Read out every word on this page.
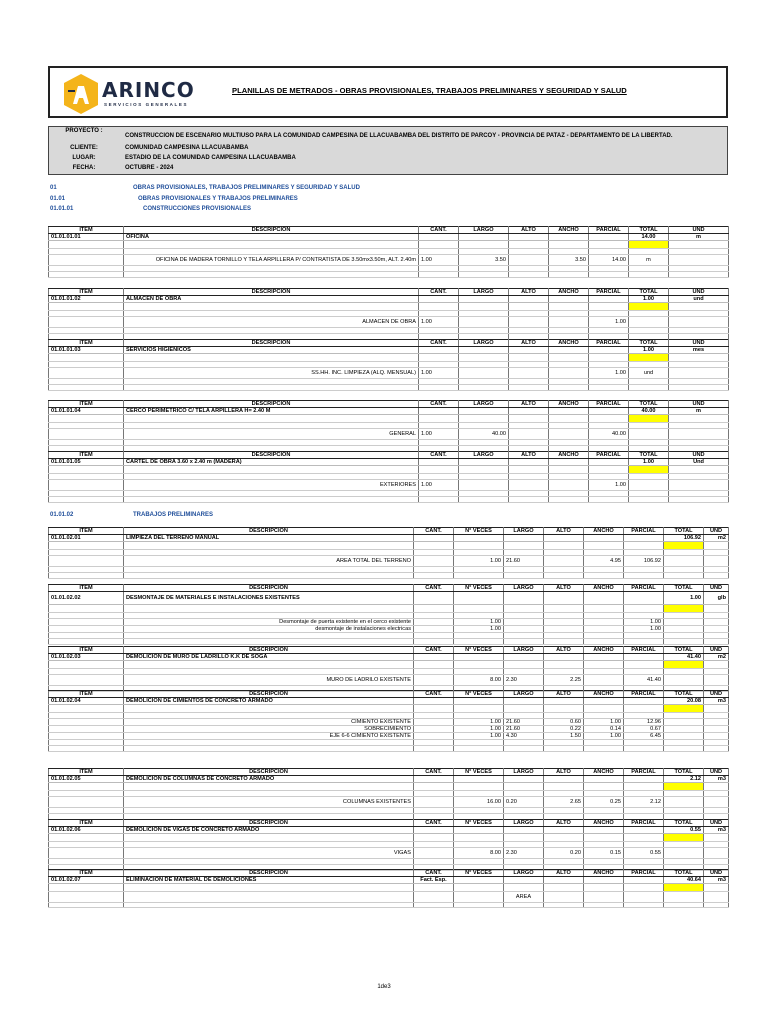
ARINCO
SERVICIOS GENERALES
PLANILLAS DE METRADOS - OBRAS PROVISIONALES, TRABAJOS PRELIMINARES Y SEGURIDAD Y SALUD
PROYECTO :
CONSTRUCCION DE ESCENARIO MULTIUSO PARA LA COMUNIDAD CAMPESINA DE LLACUABAMBA DEL DISTRITO DE PARCOY - PROVINCIA DE PATAZ - DEPARTAMENTO DE LA LIBERTAD.
CLIENTE:	COMUNIDAD CAMPESINA LLACUABAMBA
LUGAR:	ESTADIO DE LA COMUNIDAD CAMPESINA LLACUABAMBA
FECHA:	OCTUBRE - 2024
01	OBRAS PROVISIONALES, TRABAJOS PRELIMINARES Y SEGURIDAD Y SALUD
01.01	OBRAS PROVISIONALES Y TRABAJOS PRELIMINARES
01.01.01	CONSTRUCCIONES PROVISIONALES
ITEM	DESCRIPCION	CANT.	LARGO	ALTO	ANCHO	PARCIAL	TOTAL	UND
01.01.01.01	OFICINA						14.00	m

	OFICINA DE MADERA TORNILLO Y TELA ARPILLERA P/ CONTRATISTA DE 3.50mx3.50m, ALT. 2.40m	1.00	3.50		3.50	14.00	m	

ITEM	DESCRIPCION	CANT.	LARGO	ALTO	ANCHO	PARCIAL	TOTAL	UND
01.01.01.02	ALMACEN DE OBRA						1.00	und

	ALMACEN DE OBRA	1.00				1.00		

ITEM	DESCRIPCION	CANT.	LARGO	ALTO	ANCHO	PARCIAL	TOTAL	UND
01.01.01.03	SERVICIOS HIGIENICOS						1.00	mes

	SS.HH. INC. LIMPIEZA (ALQ. MENSUAL)	1.00				1.00	und	

ITEM	DESCRIPCION	CANT.	LARGO	ALTO	ANCHO	PARCIAL	TOTAL	UND
01.01.01.04	CERCO PERIMETRICO C/ TELA ARPILLERA H= 2.40 M						40.00	m

	GENERAL	1.00	40.00			40.00		

ITEM	DESCRIPCION	CANT.	LARGO	ALTO	ANCHO	PARCIAL	TOTAL	UND
01.01.01.05	CARTEL DE OBRA 3.60 x 2.40 m (MADERA)						1.00	Und

	EXTERIORES	1.00				1.00		

01.01.02	TRABAJOS PRELIMINARES
ITEM	DESCRIPCION	CANT.	N° VECES	LARGO	ALTO	ANCHO	PARCIAL	TOTAL	UND
01.01.02.01	LIMPIEZA DEL TERRENO MANUAL							106.92	m2

	AREA TOTAL DEL TERRENO		1.00	21.60		4.95	106.92		

ITEM	DESCRIPCION	CANT.	N° VECES	LARGO	ALTO	ANCHO	PARCIAL	TOTAL	UND
01.01.02.02	DESMONTAJE DE MATERIALES E INSTALACIONES EXISTENTES							1.00	glb

	Desmontaje de puerta existente en el cerco existente		1.00				1.00		
	desmontaje de instalaciones electricas		1.00				1.00		

ITEM	DESCRIPCION	CANT.	N° VECES	LARGO	ALTO	ANCHO	PARCIAL	TOTAL	UND
01.01.02.03	DEMOLICION DE MURO DE LADRILLO K.K DE SOGA							41.40	m2

	MURO DE LADRILO EXISTENTE		8.00	2.30	2.25		41.40		

ITEM	DESCRIPCION	CANT.	N° VECES	LARGO	ALTO	ANCHO	PARCIAL	TOTAL	UND
01.01.02.04	DEMOLICION DE CIMIENTOS DE CONCRETO ARMADO							20.08	m3

	CIMIENTO EXISTENTE		1.00	21.60	0.60	1.00	12.96		
	SOBRECIMIENTO		1.00	21.60	0.22	0.14	0.67		
	EJE 6-6 CIMIENTO EXISTENTE		1.00	4.30	1.50	1.00	6.45		

ITEM	DESCRIPCION	CANT.	N° VECES	LARGO	ALTO	ANCHO	PARCIAL	TOTAL	UND
01.01.02.05	DEMOLICION DE COLUMNAS DE CONCRETO ARMADO							2.12	m3

	COLUMNAS EXISTENTES		16.00	0.20	2.65	0.25	2.12		

ITEM	DESCRIPCION	CANT.	N° VECES	LARGO	ALTO	ANCHO	PARCIAL	TOTAL	UND
01.01.02.06	DEMOLICION DE VIGAS DE CONCRETO ARMADO							0.55	m3

	VIGAS		8.00	2.30	0.20	0.15	0.55		

ITEM	DESCRIPCION	CANT.	N° VECES	LARGO	ALTO	ANCHO	PARCIAL	TOTAL	UND
01.01.02.07	ELIMINACION DE MATERIAL DE DEMOLICIONES	Fact. Esp.						40.64	m3

				AREA					

1de3
